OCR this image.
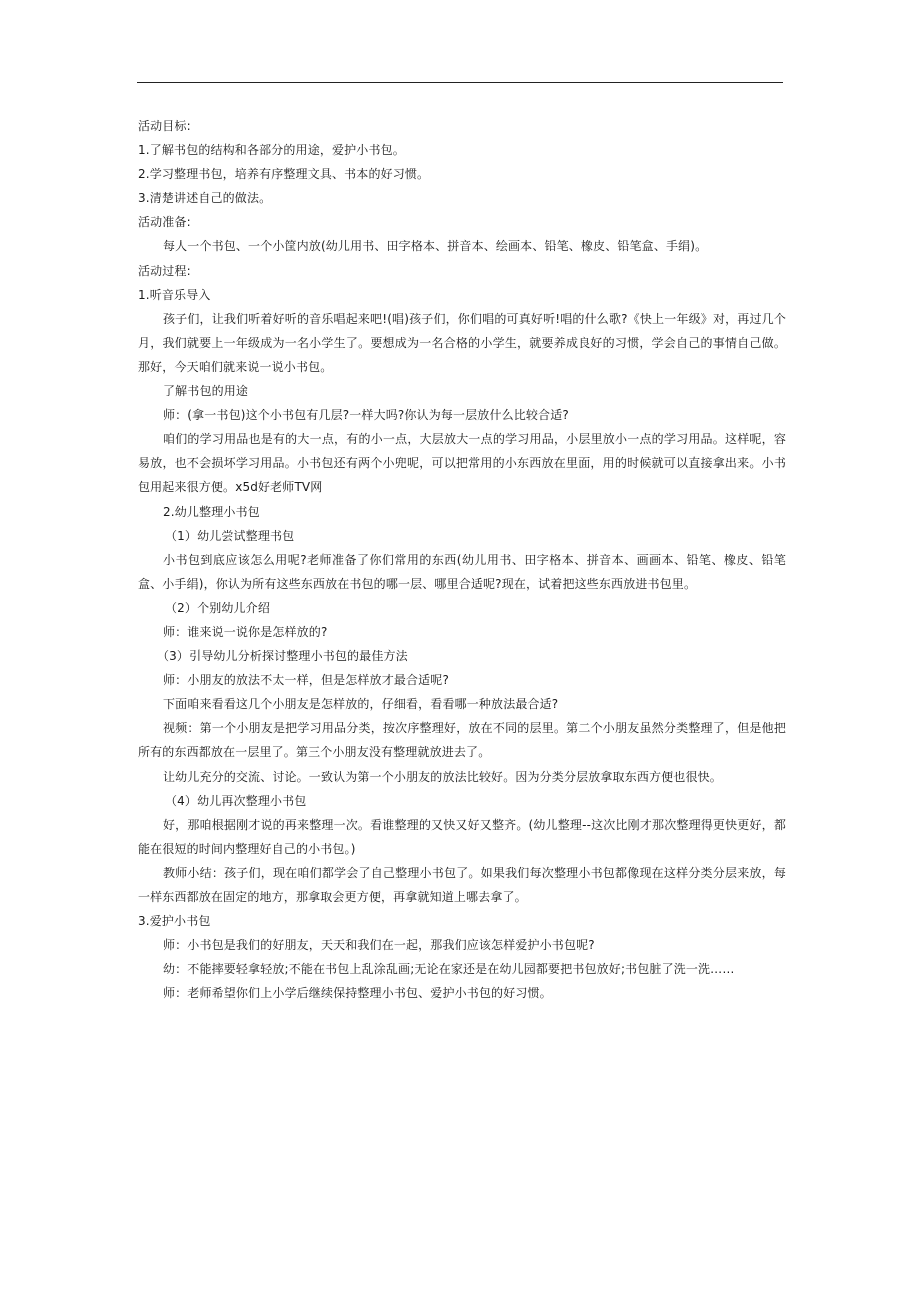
活动目标:
1.了解书包的结构和各部分的用途，爱护小书包。
2.学习整理书包，培养有序整理文具、书本的好习惯。
3.清楚讲述自己的做法。
活动准备:
每人一个书包、一个小筐内放(幼儿用书、田字格本、拼音本、绘画本、铅笔、橡皮、铅笔盒、手绢)。
活动过程:
1.听音乐导入
孩子们，让我们听着好听的音乐唱起来吧!(唱)孩子们，你们唱的可真好听!唱的什么歌?《快上一年级》对，再过几个月，我们就要上一年级成为一名小学生了。要想成为一名合格的小学生，就要养成良好的习惯，学会自己的事情自己做。那好，今天咱们就来说一说小书包。
了解书包的用途
师：(拿一书包)这个小书包有几层?一样大吗?你认为每一层放什么比较合适?
咱们的学习用品也是有的大一点，有的小一点，大层放大一点的学习用品，小层里放小一点的学习用品。这样呢，容易放，也不会损坏学习用品。小书包还有两个小兜呢，可以把常用的小东西放在里面，用的时候就可以直接拿出来。小书包用起来很方便。x5d好老师TV网
2.幼儿整理小书包
（1）幼儿尝试整理书包
小书包到底应该怎么用呢?老师准备了你们常用的东西(幼儿用书、田字格本、拼音本、画画本、铅笔、橡皮、铅笔盒、小手绢)，你认为所有这些东西放在书包的哪一层、哪里合适呢?现在，试着把这些东西放进书包里。
（2）个别幼儿介绍
师：谁来说一说你是怎样放的?
（3）引导幼儿分析探讨整理小书包的最佳方法
师：小朋友的放法不太一样，但是怎样放才最合适呢?
下面咱来看看这几个小朋友是怎样放的，仔细看，看看哪一种放法最合适?
视频：第一个小朋友是把学习用品分类，按次序整理好，放在不同的层里。第二个小朋友虽然分类整理了，但是他把所有的东西都放在一层里了。第三个小朋友没有整理就放进去了。
让幼儿充分的交流、讨论。一致认为第一个小朋友的放法比较好。因为分类分层放拿取东西方便也很快。
（4）幼儿再次整理小书包
好，那咱根据刚才说的再来整理一次。看谁整理的又快又好又整齐。(幼儿整理--这次比刚才那次整理得更快更好，都能在很短的时间内整理好自己的小书包。)
教师小结：孩子们，现在咱们都学会了自己整理小书包了。如果我们每次整理小书包都像现在这样分类分层来放，每一样东西都放在固定的地方，那拿取会更方便，再拿就知道上哪去拿了。
3.爱护小书包
师：小书包是我们的好朋友，天天和我们在一起，那我们应该怎样爱护小书包呢?
幼：不能摔要轻拿轻放;不能在书包上乱涂乱画;无论在家还是在幼儿园都要把书包放好;书包脏了洗一洗……
师：老师希望你们上小学后继续保持整理小书包、爱护小书包的好习惯。
